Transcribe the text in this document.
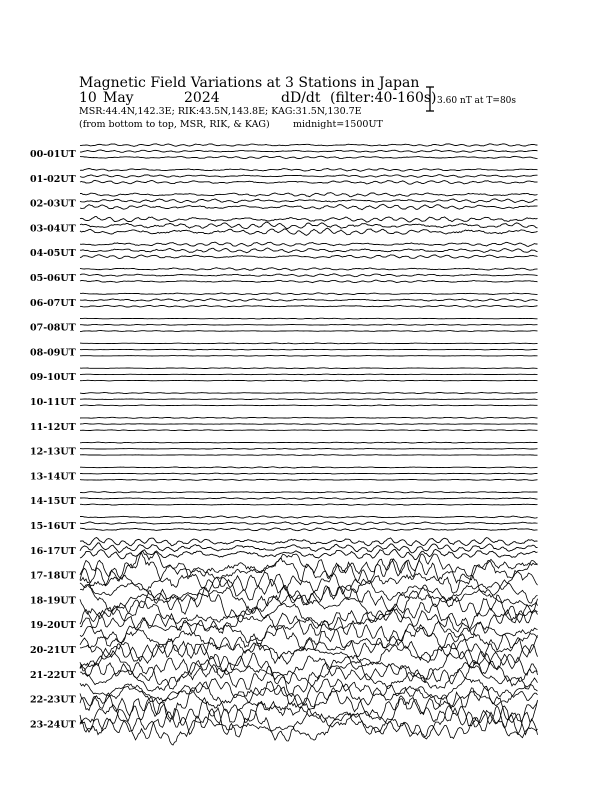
Magnetic Field Variations at 3 Stations in Japan
10 May	2024	dD/dt (filter:40-160s)
MSR:44.4N,142.3E; RIK:43.5N,143.8E; KAG:31.5N,130.7E
(from bottom to top, MSR, RIK, & KAG) midnight=1500UT
3.60 nT at T=80s
00-01UT
01-02UT
02-03UT
03-04UT
04-05UT
05-06UT
06-07UT
07-08UT
08-09UT
09-10UT
10-11UT
11-12UT
12-13UT
13-14UT
14-15UT
15-16UT
16-17UT
17-18UT
18-19UT
19-20UT
20-21UT
21-22UT
22-23UT
23-24UT
